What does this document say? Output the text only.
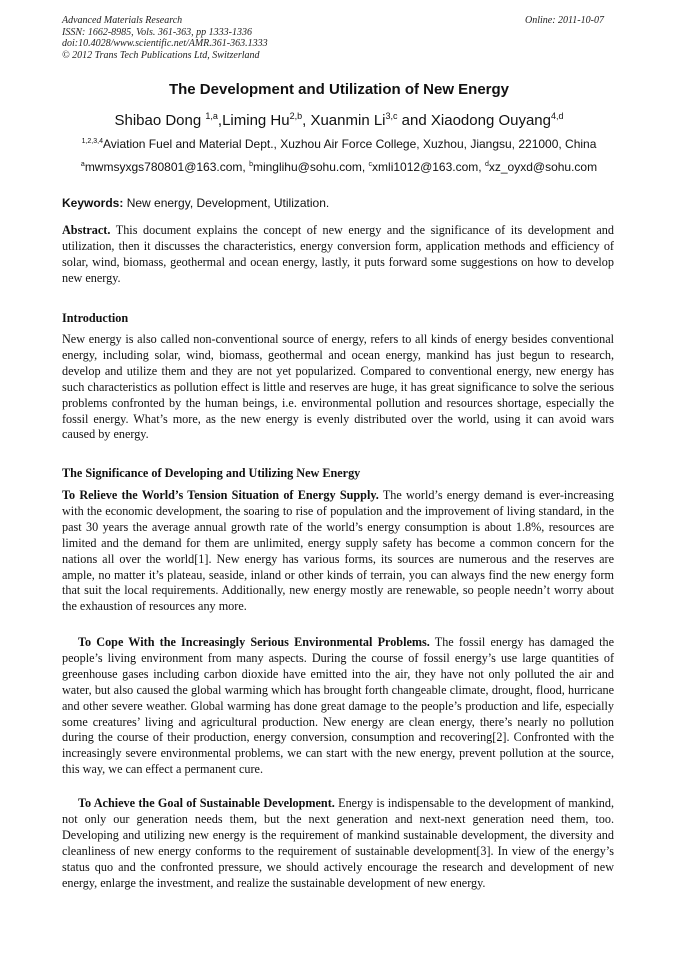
Advanced Materials Research
ISSN: 1662-8985, Vols. 361-363, pp 1333-1336
doi:10.4028/www.scientific.net/AMR.361-363.1333
© 2012 Trans Tech Publications Ltd, Switzerland
Online: 2011-10-07
The Development and Utilization of New Energy
Shibao Dong $^{1,a}$,Liming Hu$^{2,b}$, Xuanmin Li$^{3,c}$ and Xiaodong Ouyang$^{4,d}$
$^{1,2,3,4}$Aviation Fuel and Material Dept., Xuzhou Air Force College, Xuzhou, Jiangsu, 221000, China
$^a$mwmsyxgs780801@163.com, $^b$minglihu@sohu.com, $^c$xmli1012@163.com, $^d$xz_oyxd@sohu.com
Keywords: New energy, Development, Utilization.

Abstract. This document explains the concept of new energy and the significance of its development and utilization, then it discusses the characteristics, energy conversion form, application methods and efficiency of solar, wind, biomass, geothermal and ocean energy, lastly, it puts forward some suggestions on how to develop new energy.

Introduction

New energy is also called non-conventional source of energy, refers to all kinds of energy besides conventional energy, including solar, wind, biomass, geothermal and ocean energy, mankind has just begun to research, develop and utilize them and they are not yet popularized. Compared to conventional energy, new energy has such characteristics as pollution effect is little and reserves are huge, it has great significance to solve the serious problems confronted by the human beings, i.e. environmental pollution and resources shortage, especially the fossil energy. What’s more, as the new energy is evenly distributed over the world, using it can avoid wars caused by energy.

The Significance of Developing and Utilizing New Energy

To Relieve the World’s Tension Situation of Energy Supply. The world’s energy demand is ever-increasing with the economic development, the soaring to rise of population and the improvement of living standard, in the past 30 years the average annual growth rate of the world’s energy consumption is about 1.8%, resources are limited and the demand for them are unlimited, energy supply safety has become a common concern for the nations all over the world[1]. New energy has various forms, its sources are numerous and the reserves are ample, no matter it’s plateau, seaside, inland or other kinds of terrain, you can always find the new energy form that suit the local requirements. Additionally, new energy mostly are renewable, so people needn’t worry about the exhaustion of resources any more.

To Cope With the Increasingly Serious Environmental Problems. The fossil energy has damaged the people’s living environment from many aspects. During the course of fossil energy’s use large quantities of greenhouse gases including carbon dioxide have emitted into the air, they have not only polluted the air and water, but also caused the global warming which has brought forth changeable climate, drought, flood, hurricane and other severe weather. Global warming has done great damage to the people’s production and life, especially some creatures’ living and agricultural production. New energy are clean energy, there’s nearly no pollution during the course of their production, energy conversion, consumption and recovering[2]. Confronted with the increasingly severe environmental problems, we can start with the new energy, prevent pollution at the source, this way, we can effect a permanent cure.

To Achieve the Goal of Sustainable Development. Energy is indispensable to the development of mankind, not only our generation needs them, but the next generation and next-next generation need them, too. Developing and utilizing new energy is the requirement of mankind sustainable development, the diversity and cleanliness of new energy conforms to the requirement of sustainable development[3]. In view of the energy’s status quo and the confronted pressure, we should actively encourage the research and development of new energy, enlarge the investment, and realize the sustainable development of new energy.
